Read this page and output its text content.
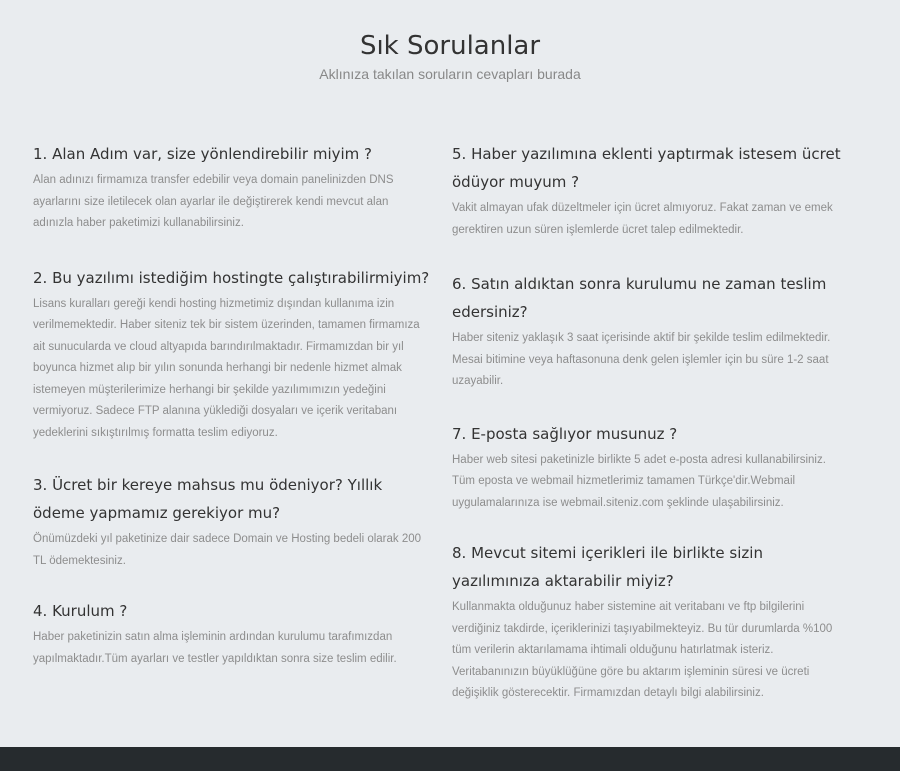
Sık Sorulanlar

Aklınıza takılan soruların cevapları burada

1. Alan Adım var, size yönlendirebilir miyim ?

Alan adınızı firmamıza transfer edebilir veya domain panelinizden DNS ayarlarını size iletilecek olan ayarlar ile değiştirerek kendi mevcut alan adınızla haber paketimizi kullanabilirsiniz.

2. Bu yazılımı istediğim hostingte çalıştırabilirmiyim?

Lisans kuralları gereği kendi hosting hizmetimiz dışından kullanıma izin verilmemektedir. Haber siteniz tek bir sistem üzerinden, tamamen firmamıza ait sunucularda ve cloud altyapıda barındırılmaktadır. Firmamızdan bir yıl boyunca hizmet alıp bir yılın sonunda herhangi bir nedenle hizmet almak istemeyen müşterilerimize herhangi bir şekilde yazılımımızın yedeğini vermiyoruz. Sadece FTP alanına yüklediği dosyaları ve içerik veritabanı yedeklerini sıkıştırılmış formatta teslim ediyoruz.

3. Ücret bir kereye mahsus mu ödeniyor? Yıllık ödeme yapmamız gerekiyor mu?

Önümüzdeki yıl paketinize dair sadece Domain ve Hosting bedeli olarak 200 TL ödemektesiniz.

4. Kurulum ?

Haber paketinizin satın alma işleminin ardından kurulumu tarafımızdan yapılmaktadır.Tüm ayarları ve testler yapıldıktan sonra size teslim edilir.

5. Haber yazılımına eklenti yaptırmak istesem ücret ödüyor muyum ?

Vakit almayan ufak düzeltmeler için ücret almıyoruz. Fakat zaman ve emek gerektiren uzun süren işlemlerde ücret talep edilmektedir.

6. Satın aldıktan sonra kurulumu ne zaman teslim edersiniz?

Haber siteniz yaklaşık 3 saat içerisinde aktif bir şekilde teslim edilmektedir. Mesai bitimine veya haftasonuna denk gelen işlemler için bu süre 1-2 saat uzayabilir.

7. E-posta sağlıyor musunuz ?

Haber web sitesi paketinizle birlikte 5 adet e-posta adresi kullanabilirsiniz. Tüm eposta ve webmail hizmetlerimiz tamamen Türkçe'dir.Webmail uygulamalarınıza ise webmail.siteniz.com şeklinde ulaşabilirsiniz.

8. Mevcut sitemi içerikleri ile birlikte sizin yazılımınıza aktarabilir miyiz?

Kullanmakta olduğunuz haber sistemine ait veritabanı ve ftp bilgilerini verdiğiniz takdirde, içeriklerinizi taşıyabilmekteyiz. Bu tür durumlarda %100 tüm verilerin aktarılamama ihtimali olduğunu hatırlatmak isteriz. Veritabanınızın büyüklüğüne göre bu aktarım işleminin süresi ve ücreti değişiklik gösterecektir. Firmamızdan detaylı bilgi alabilirsiniz.
